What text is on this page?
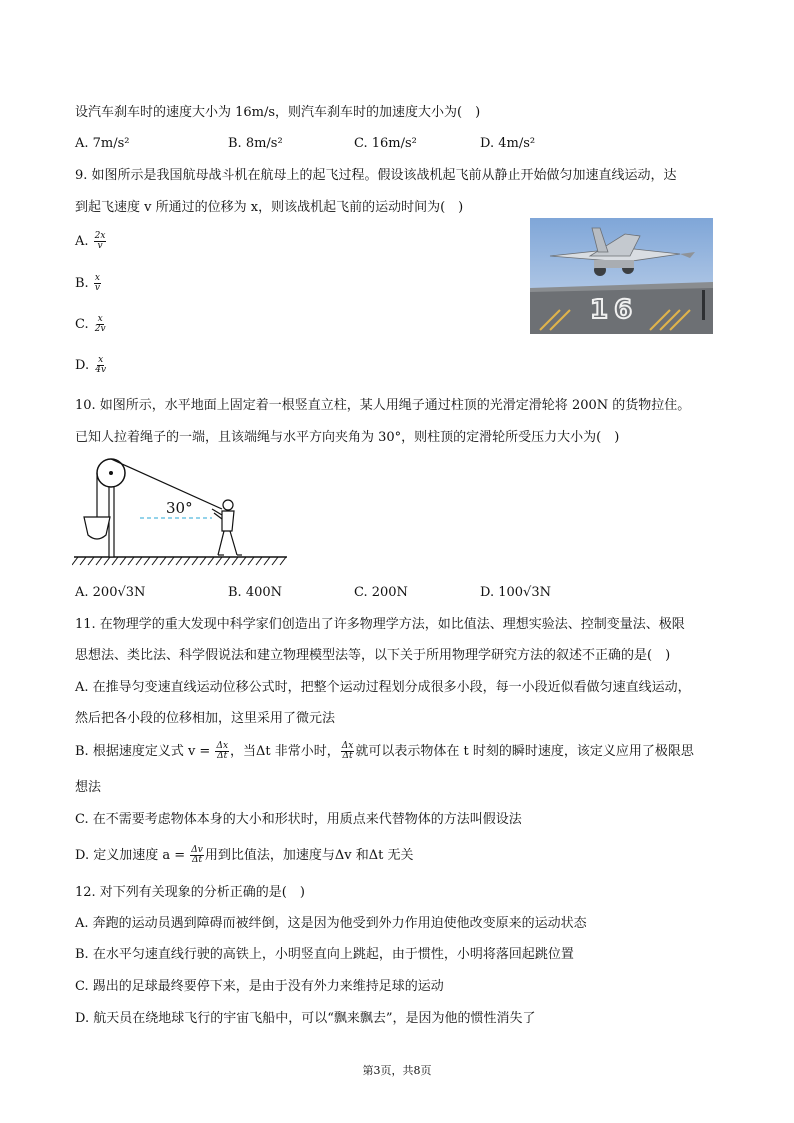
设汽车刹车时的速度大小为 16m/s，则汽车刹车时的加速度大小为(　)
A. 7m/s²	B. 8m/s²	C. 16m/s²	D. 4m/s²
9. 如图所示是我国航母战斗机在航母上的起飞过程。假设该战机起飞前从静止开始做匀加速直线运动，达
到起飞速度 v 所通过的位移为 x，则该战机起飞前的运动时间为(　)
A. $\frac{2x}{v}$
B. $\frac{x}{v}$
C. $\frac{x}{2v}$
D. $\frac{x}{4v}$
16
10. 如图所示，水平地面上固定着一根竖直立柱，某人用绳子通过柱顶的光滑定滑轮将 200N 的货物拉住。
已知人拉着绳子的一端，且该端绳与水平方向夹角为 30°，则柱顶的定滑轮所受压力大小为(　)
30°
A. 200√3N	B. 400N	C. 200N	D. 100√3N
11. 在物理学的重大发现中科学家们创造出了许多物理学方法，如比值法、理想实验法、控制变量法、极限
思想法、类比法、科学假说法和建立物理模型法等，以下关于所用物理学研究方法的叙述不正确的是(　)
A. 在推导匀变速直线运动位移公式时，把整个运动过程划分成很多小段，每一小段近似看做匀速直线运动，
然后把各小段的位移相加，这里采用了微元法
B. 根据速度定义式 $v = \frac{\Delta x}{\Delta t}$ ，当Δt 非常小时， $\frac{\Delta x}{\Delta t}$ 就可以表示物体在 t 时刻的瞬时速度，该定义应用了极限思
想法
C. 在不需要考虑物体本身的大小和形状时，用质点来代替物体的方法叫假设法
D. 定义加速度 $a = \frac{\Delta v}{\Delta t}$ 用到比值法，加速度与Δv 和Δt 无关
12. 对下列有关现象的分析正确的是(　)
A. 奔跑的运动员遇到障碍而被绊倒，这是因为他受到外力作用迫使他改变原来的运动状态
B. 在水平匀速直线行驶的高铁上，小明竖直向上跳起，由于惯性，小明将落回起跳位置
C. 踢出的足球最终要停下来，是由于没有外力来维持足球的运动
D. 航天员在绕地球飞行的宇宙飞船中，可以“飘来飘去”，是因为他的惯性消失了
第3页，共8页
